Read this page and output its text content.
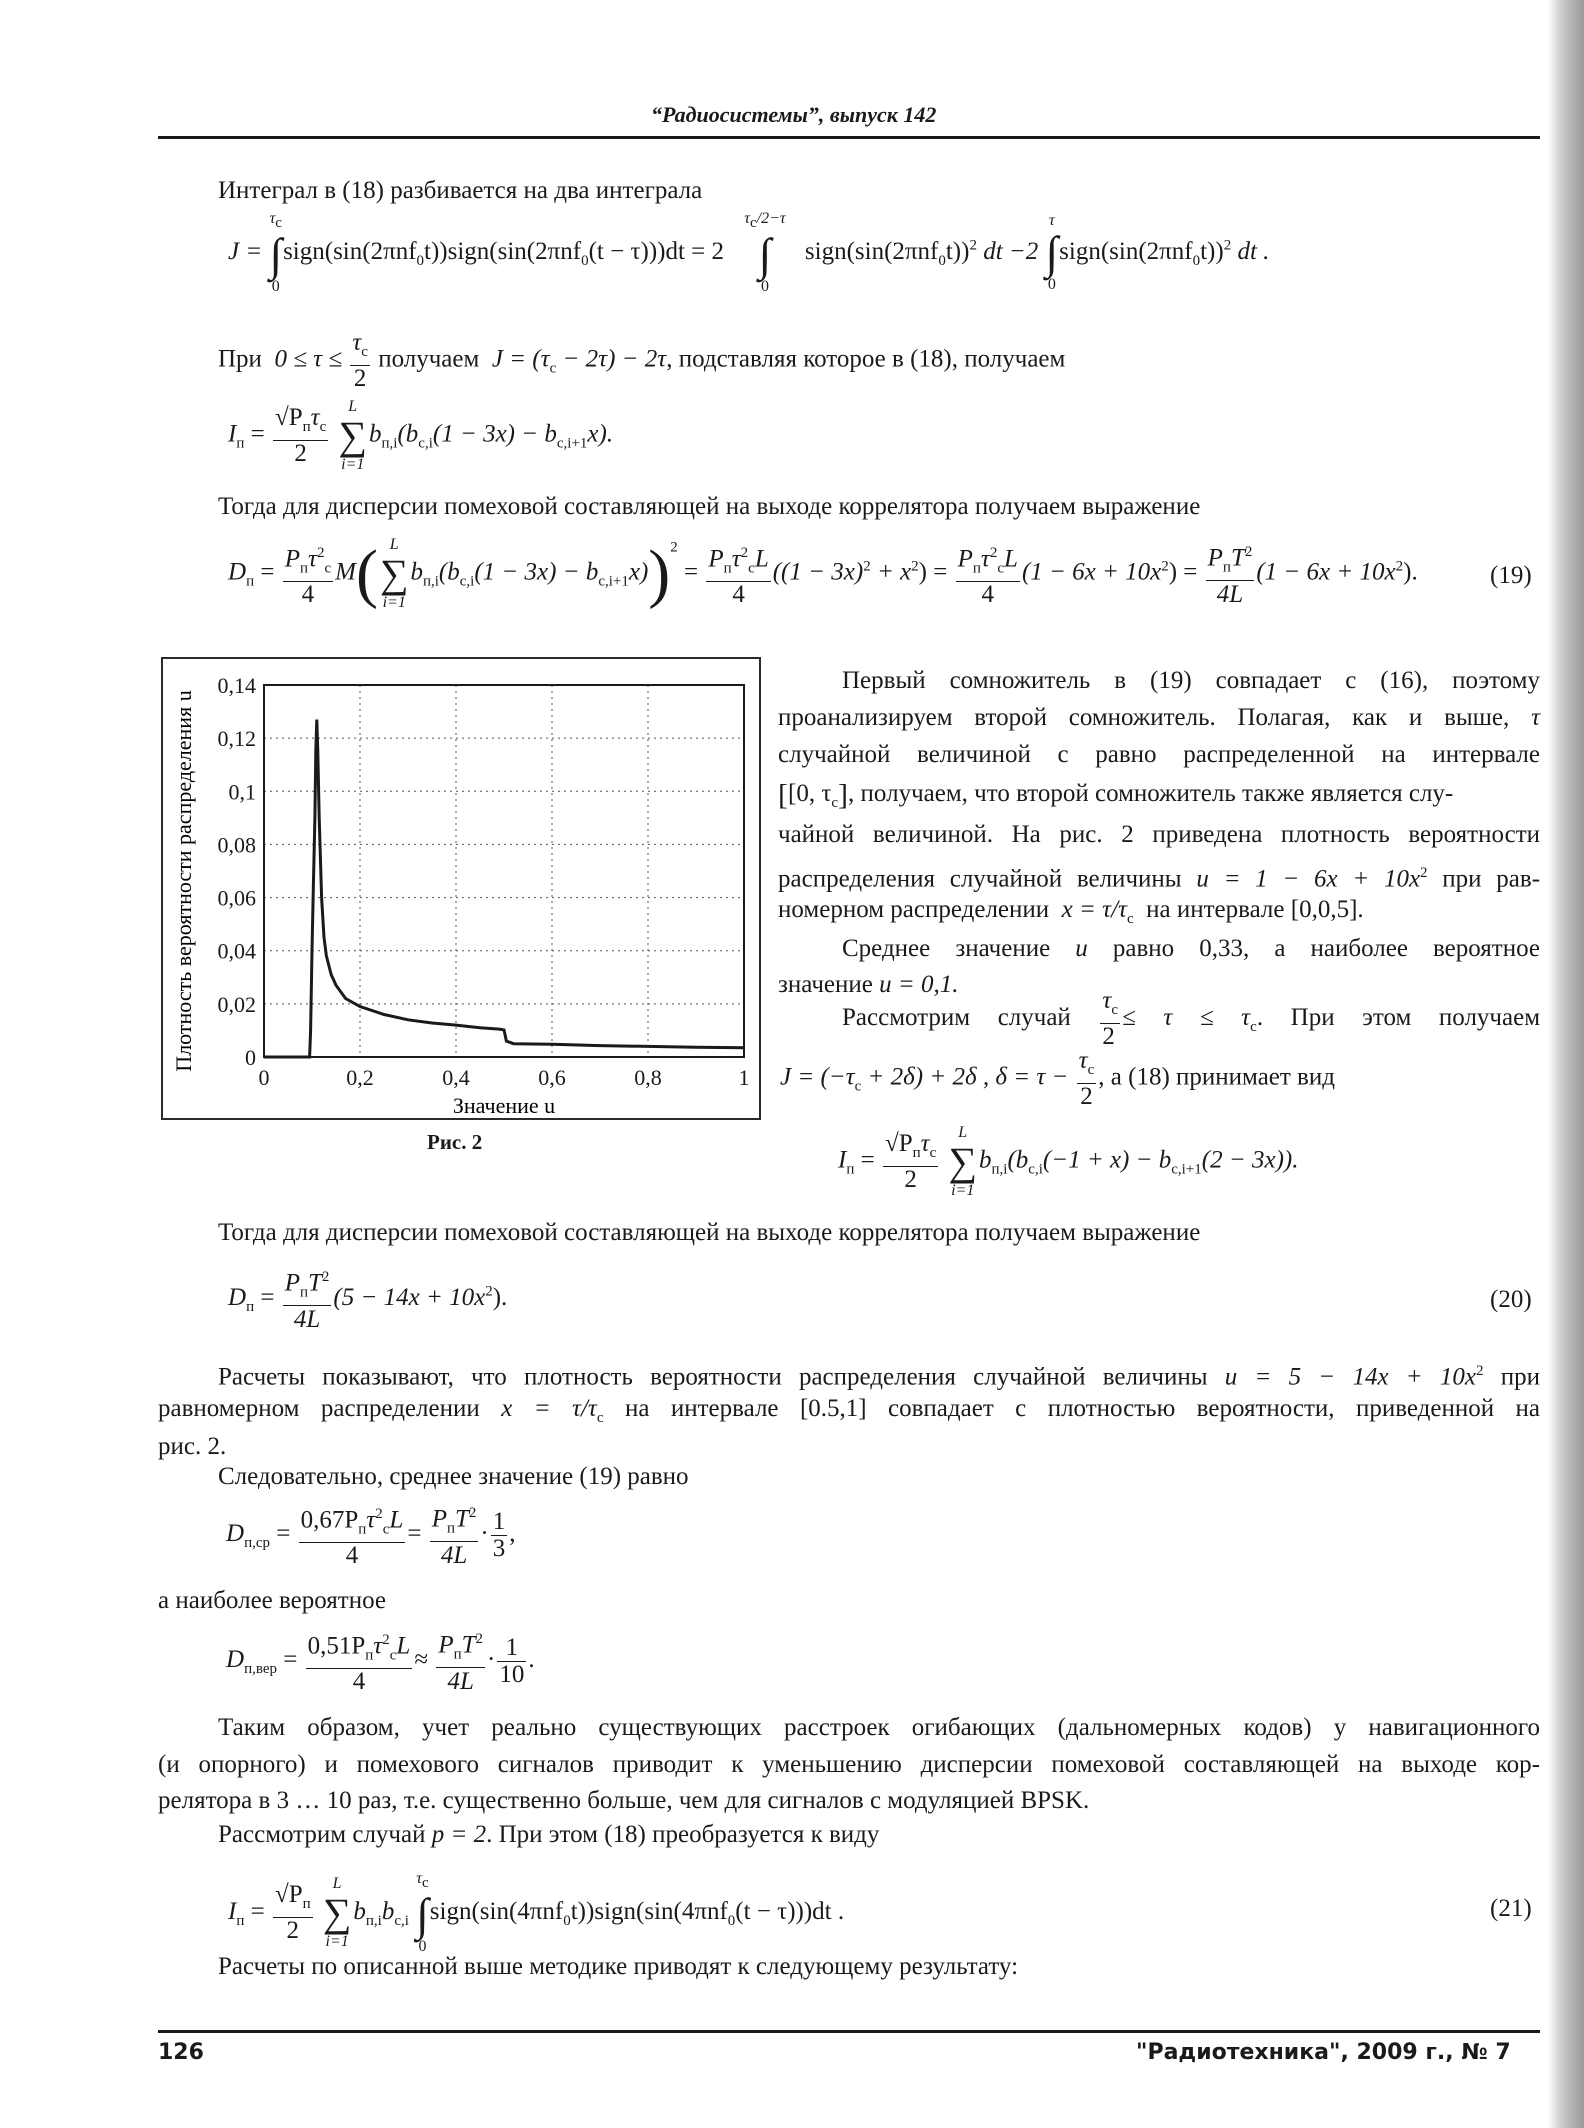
“Радиосистемы”, выпуск 142
Интеграл в (18) разбивается на два интеграла
J =
$\tau_c$
∫
0
sign(sin(2πnf$_0$t))sign(sin(2πnf$_0$(t − τ)))dt = 2
$\tau_c/2-\tau$
∫
0
$sign(\sin(2\pi nf_0t))^2$ dt −2
τ
∫
0
$sign(\sin(2\pi nf_0t))^2$ dt .
При $0 \le \tau \le \frac{\tau_c}{2}$ получаем $J = (\tau_c - 2\tau) - 2\tau$, подставляя которое в (18), получаем
$I_п = \frac{√P_п\tau_c}{2}$
	L
∑
i=1
$b_{п,i}(b_{c,i}(1 - 3x) - b_{c,i+1}x)$.
Тогда для дисперсии помеховой составляющей на выходе коррелятора получаем выражение
$D_п = \frac{P_п\tau^2_c}{4} M$( L
∑
i=1
$b_{п,i}(b_{c,i}(1 - 3x) - b_{c,i+1}x))^2 = \frac{P_п\tau^2_cL}{4} ((1 - 3x)^2 + x^2) = \frac{P_п\tau^2_cL}{4} (1 - 6x + 10x^2) = \frac{P_пT^2}{4L}(1 - 6x + 10x^2)$.	(19)
0	0,2	0,4	0,6	0,8	1
0
0,02
0,04
0,06
0,08
0,1
0,12
0,14
Значение u
Плотность вероятности распределения u
Рис. 2
Первый сомножитель в (19) совпадает с (16), поэтому
проанализируем второй сомножитель. Полагая, как и выше, τ
случайной величиной с равно распределенной на интервале
[[0, $\tau_c$], получаем, что второй сомножитель также является слу-
чайной величиной. На рис. 2 приведена плотность вероятности
распределения случайной величины $u = 1 - 6x + 10x^2$ при рав-
номерном распределении $x = \tau/\tau_c$ на интервале [0,0,5].
Среднее значение u равно 0,33, а наиболее вероятное
значение u = 0,1.
Рассмотрим случай $\frac{\tau_c}{2} \le \tau \le \tau_c$. При этом получаем
$J = (-\tau_c + 2\delta) + 2\delta$ , $\delta = \tau - \frac{\tau_c}{2}$ , а (18) принимает вид
$I_п = \frac{√P_п\tau_c}{2}$
	L
∑
i=1
$b_{п,i}(b_{c,i}(-1 + x) - b_{c,i+1}(2 - 3x))$.
Тогда для дисперсии помеховой составляющей на выходе коррелятора получаем выражение
$D_п = \frac{P_пT^2}{4L}(5 - 14x + 10x^2)$.	(20)
Расчеты показывают, что плотность вероятности распределения случайной величины $u = 5 - 14x + 10x^2$ при
равномерном распределении $x = \tau/\tau_c$ на интервале [0.5,1] совпадает с плотностью вероятности, приведенной на
рис. 2.
Следовательно, среднее значение (19) равно
$D_{п,ср} = \frac{0,67P_п\tau^2_cL}{4} = \frac{P_пT^2}{4L}\cdot \frac{1}{3}$ ,
а наиболее вероятное
$D_{п,вер} = \frac{0,51P_п\tau^2_cL}{4} \approx \frac{P_пT^2}{4L}\cdot \frac{1}{10}$ .
Таким образом, учет реально существующих расстроек огибающих (дальномерных кодов) у навигационного
(и опорного) и помехового сигналов приводит к уменьшению дисперсии помеховой составляющей на выходе кор-
релятора в 3 … 10 раз, т.е. существенно больше, чем для сигналов с модуляцией BPSK.
Рассмотрим случай p = 2. При этом (18) преобразуется к виду
$I_п = \frac{√P_п}{2}$
	L
∑
i=1
$b_{п,i}b_{c,i}$
$\tau_c$
∫
0
sign(sin(4πnf$_0$t))sign(sin(4πnf$_0$(t − τ)))dt .	(21)
Расчеты по описанной выше методике приводят к следующему результату:
126	"Радиотехника", 2009 г., № 7
